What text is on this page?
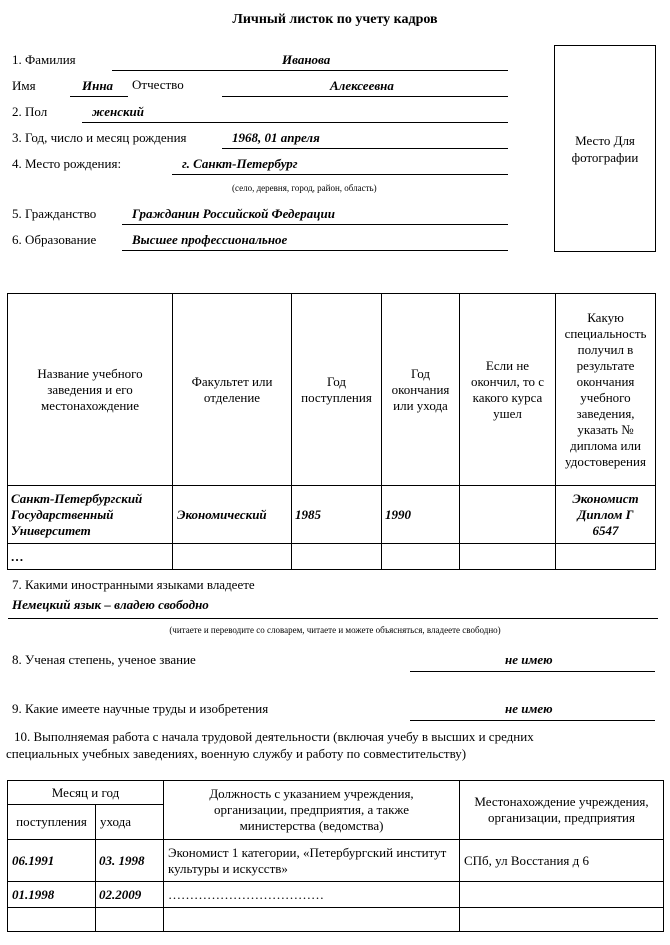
Личный листок по учету кадров
Место Для фотографии
1. Фамилия	Иванова
Имя	Инна Отчество	Алексеевна
2. Пол	женский
3. Год, число и месяц рождения	1968, 01 апреля
4. Место рождения:	г. Санкт-Петербург
(село, деревня, город, район, область)
5. Гражданство	Гражданин Российской Федерации
6. Образование	Высшее профессиональное
Название учебного заведения и его местонахождение	Факультет или отделение	Год поступления	Год окончания или ухода	Если не окончил, то с какого курса ушел	Какую специальность получил в результате окончания учебного заведения, указать № диплома или удостоверения
Санкт-Петербургский Государственный Университет	Экономический	1985	1990		Экономист Диплом Г 6547
…					
7. Какими иностранными языками владеете
Немецкий язык – владею свободно
(читаете и переводите со словарем, читаете и можете объясняться, владеете свободно)
8. Ученая степень, ученое звание	не имею
9. Какие имеете научные труды и изобретения	не имею
10. Выполняемая работа с начала трудовой деятельности (включая учебу в высших и средних
специальных учебных заведениях, военную службу и работу по совместительству)
Месяц и год		Должность с указанием учреждения, организации, предприятия, а также министерства (ведомства)	Местонахождение учреждения, организации, предприятия
поступления	ухода		
06.1991	03. 1998	Экономист 1 категории, «Петербургский институт культуры и искусств»	СПб, ул Восстания д 6
01.1998	02.2009	………………………………	
